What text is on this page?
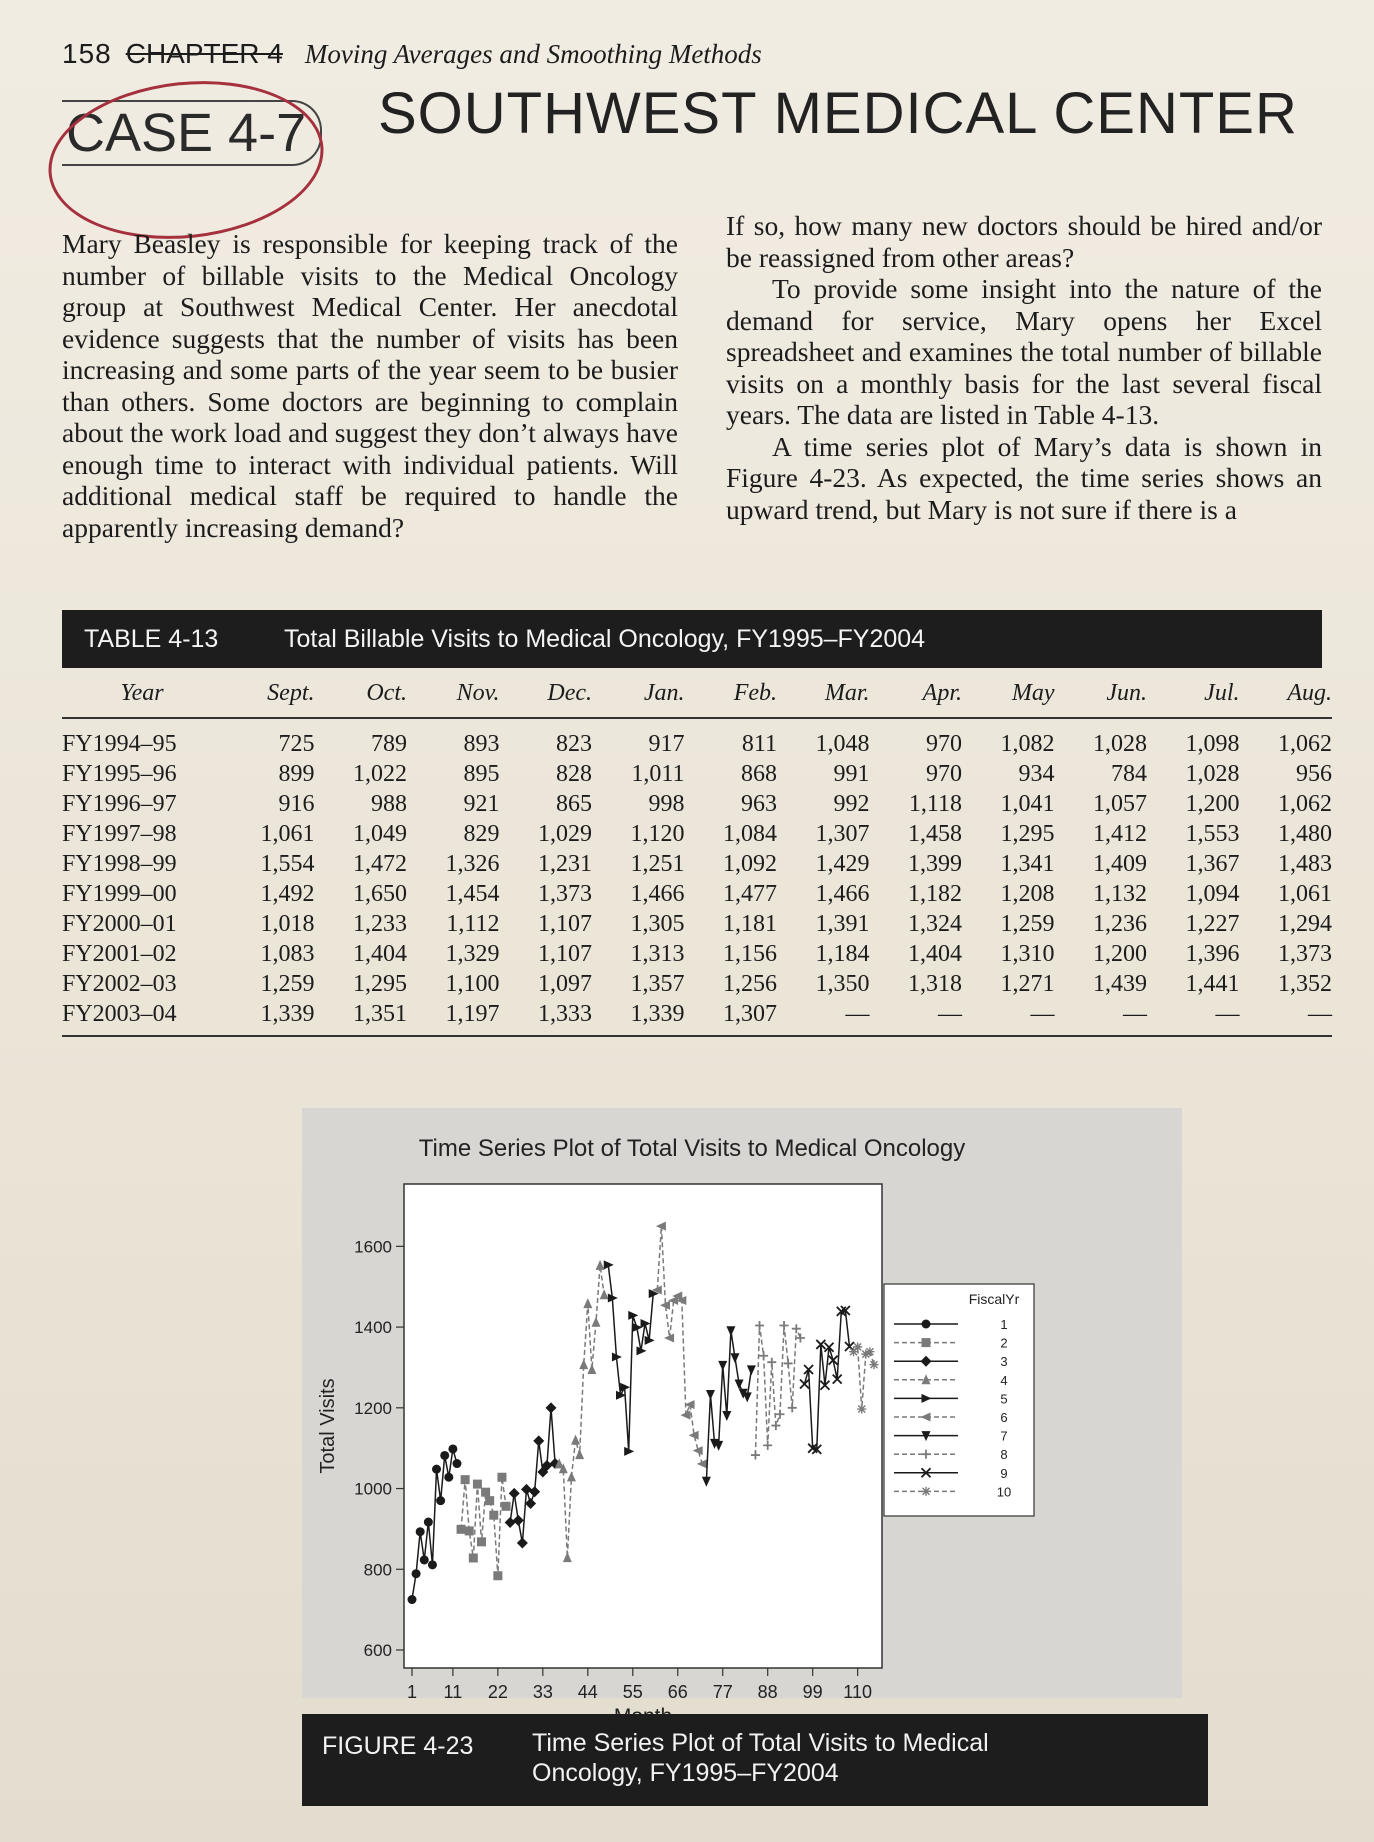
158 CHAPTER 4 Moving Averages and Smoothing Methods
CASE 4-7 SOUTHWEST MEDICAL CENTER

Mary Beasley is responsible for keeping track of the number of billable visits to the Medical Oncology group at Southwest Medical Center. Her anecdotal evidence suggests that the number of visits has been increasing and some parts of the year seem to be busier than others. Some doctors are beginning to complain about the work load and suggest they don’t always have enough time to interact with individual patients. Will additional medical staff be required to handle the apparently increasing demand?

If so, how many new doctors should be hired and/or be reassigned from other areas?

To provide some insight into the nature of the demand for service, Mary opens her Excel spreadsheet and examines the total number of billable visits on a monthly basis for the last several fiscal years. The data are listed in Table 4-13.

A time series plot of Mary’s data is shown in Figure 4-23. As expected, the time series shows an upward trend, but Mary is not sure if there is a

TABLE 4-13	Total Billable Visits to Medical Oncology, FY1995–FY2004
Year	Sept.	Oct.	Nov.	Dec.	Jan.	Feb.	Mar.	Apr.	May	Jun.	Jul.	Aug.
FY1994–95	725	789	893	823	917	811	1,048	970	1,082	1,028	1,098	1,062
FY1995–96	899	1,022	895	828	1,011	868	991	970	934	784	1,028	956
FY1996–97	916	988	921	865	998	963	992	1,118	1,041	1,057	1,200	1,062
FY1997–98	1,061	1,049	829	1,029	1,120	1,084	1,307	1,458	1,295	1,412	1,553	1,480
FY1998–99	1,554	1,472	1,326	1,231	1,251	1,092	1,429	1,399	1,341	1,409	1,367	1,483
FY1999–00	1,492	1,650	1,454	1,373	1,466	1,477	1,466	1,182	1,208	1,132	1,094	1,061
FY2000–01	1,018	1,233	1,112	1,107	1,305	1,181	1,391	1,324	1,259	1,236	1,227	1,294
FY2001–02	1,083	1,404	1,329	1,107	1,313	1,156	1,184	1,404	1,310	1,200	1,396	1,373
FY2002–03	1,259	1,295	1,100	1,097	1,357	1,256	1,350	1,318	1,271	1,439	1,441	1,352
FY2003–04	1,339	1,351	1,197	1,333	1,339	1,307	—	—	—	—	—	—
Time Series Plot of Total Visits to Medical Oncology
600
800
1000
1200
1400
1600
1 11 22 33 44 55 66 77 88 99 110
Total Visits
FiscalYr
1
2
3
4
5
6
7
8
9
10
FIGURE 4-23 Time Series Plot of Total Visits to Medical Oncology, FY1995–FY2004
